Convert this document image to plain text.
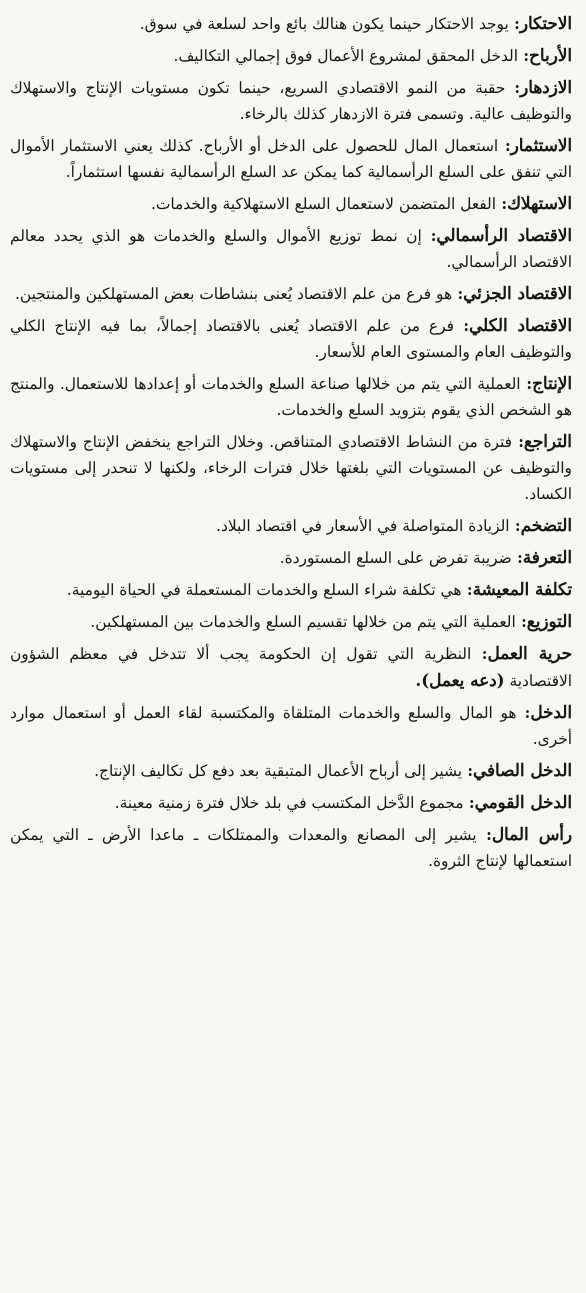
الاحتكار: يوجد الاحتكار حينما يكون هنالك بائع واحد لسلعة في سوق.

الأرباح: الدخل المحقق لمشروع الأعمال فوق إجمالي التكاليف.

الازدهار: حقبة من النمو الاقتصادي السريع، حينما تكون مستويات الإنتاج والاستهلاك والتوظيف عالية. وتسمى فترة الازدهار كذلك بالرخاء.

الاستثمار: استعمال المال للحصول على الدخل أو الأرباح. كذلك يعني الاستثمار الأموال التي تنفق على السلع الرأسمالية كما يمكن عد السلع الرأسمالية نفسها استثماراً.

الاستهلاك: الفعل المتضمن لاستعمال السلع الاستهلاكية والخدمات.

الاقتصاد الرأسمالي: إن نمط توزيع الأموال والسلع والخدمات هو الذي يحدد معالم الاقتصاد الرأسمالي.

الاقتصاد الجزئي: هو فرع من علم الاقتصاد يُعنى بنشاطات بعض المستهلكين والمنتجين.

الاقتصاد الكلي: فرع من علم الاقتصاد يُعنى بالاقتصاد إجمالاً، بما فيه الإنتاج الكلي والتوظيف العام والمستوى العام للأسعار.

الإنتاج: العملية التي يتم من خلالها صناعة السلع والخدمات أو إعدادها للاستعمال. والمنتج هو الشخص الذي يقوم بتزويد السلع والخدمات.

التراجع: فترة من النشاط الاقتصادي المتناقص. وخلال التراجع ينخفض الإنتاج والاستهلاك والتوظيف عن المستويات التي بلغتها خلال فترات الرخاء، ولكنها لا تنحدر إلى مستويات الكساد.

التضخم: الزيادة المتواصلة في الأسعار في اقتصاد البلاد.

التعرفة: ضريبة تفرض على السلع المستوردة.

تكلفة المعيشة: هي تكلفة شراء السلع والخدمات المستعملة في الحياة اليومية.

التوزيع: العملية التي يتم من خلالها تقسيم السلع والخدمات بين المستهلكين.

حرية العمل: النظرية التي تقول إن الحكومة يجب ألا تتدخل في معظم الشؤون الاقتصادية (دعه يعمل).

الدخل: هو المال والسلع والخدمات المتلقاة والمكتسبة لقاء العمل أو استعمال موارد أخرى.

الدخل الصافي: يشير إلى أرباح الأعمال المتبقية بعد دفع كل تكاليف الإنتاج.

الدخل القومي: مجموع الدَّخل المكتسب في بلد خلال فترة زمنية معينة.

رأس المال: يشير إلى المصانع والمعدات والممتلكات ـ ماعدا الأرض ـ التي يمكن استعمالها لإنتاج الثروة.
